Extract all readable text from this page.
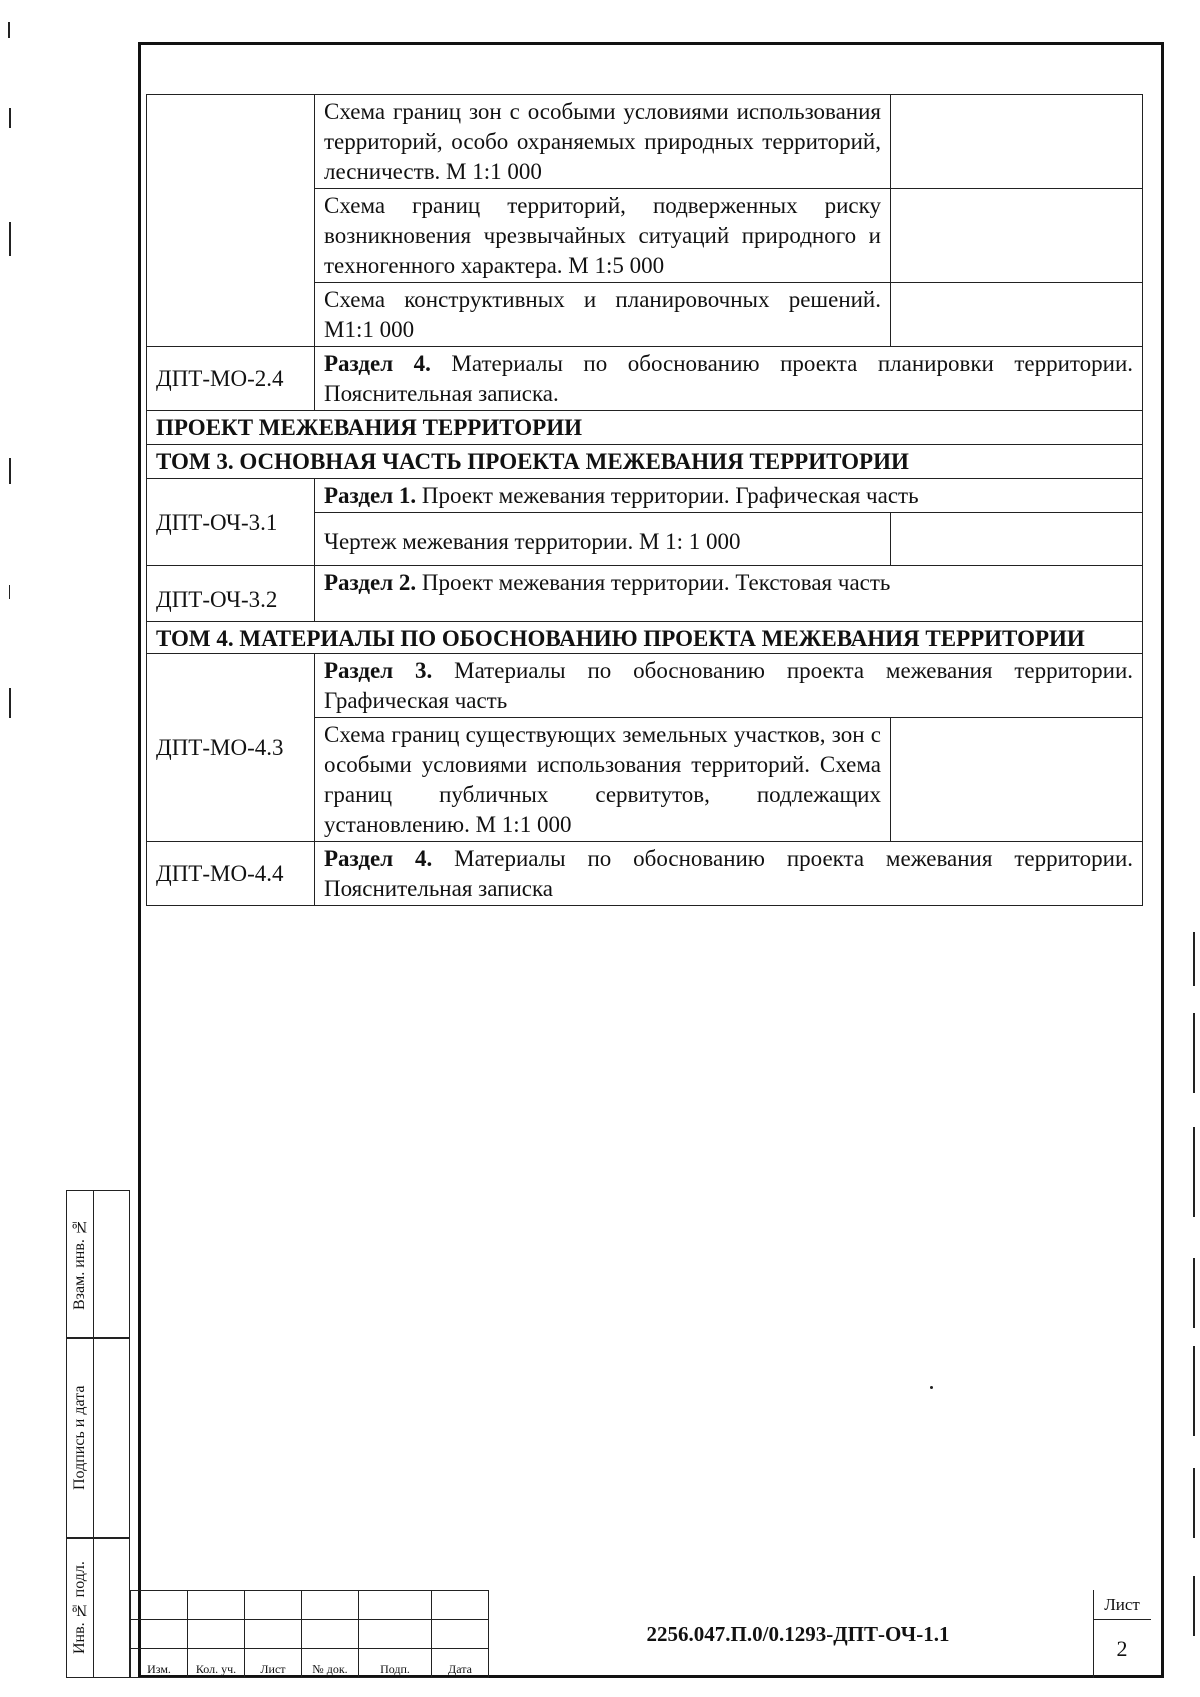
	Схема границ зон с особыми условиями использования территорий, особо охраняемых природных территорий, лесничеств. М 1:1 000	
	Схема границ территорий, подверженных риску возникновения чрезвычайных ситуаций природного и техногенного характера. М 1:5 000	
	Схема конструктивных и планировочных решений. М1:1 000	
ДПТ-МО-2.4	Раздел 4. Материалы по обоснованию проекта планировки территории. Пояснительная записка.	
ПРОЕКТ МЕЖЕВАНИЯ ТЕРРИТОРИИ		
ТОМ 3. ОСНОВНАЯ ЧАСТЬ ПРОЕКТА МЕЖЕВАНИЯ ТЕРРИТОРИИ		
ДПТ-ОЧ-3.1	Раздел 1. Проект межевания территории. Графическая часть	
	Чертеж межевания территории. М 1: 1 000	
ДПТ-ОЧ-3.2	Раздел 2. Проект межевания территории. Текстовая часть	
ТОМ 4. МАТЕРИАЛЫ ПО ОБОСНОВАНИЮ ПРОЕКТА МЕЖЕВАНИЯ ТЕРРИТОРИИ		
ДПТ-МО-4.3	Раздел 3. Материалы по обоснованию проекта межевания территории. Графическая часть	
	Схема границ существующих земельных участков, зон с особыми условиями использования территорий. Схема границ публичных сервитутов, подлежащих установлению. М 1:1 000	
ДПТ-МО-4.4	Раздел 4. Материалы по обоснованию проекта межевания территории. Пояснительная записка	
Взам. инв. №
Подпись и дата
Инв. № подл.

Изм.	Кол. уч.	Лист	№ док.	Подп.	Дата
2256.047.П.0/0.1293-ДПТ-ОЧ-1.1
Лист
2
